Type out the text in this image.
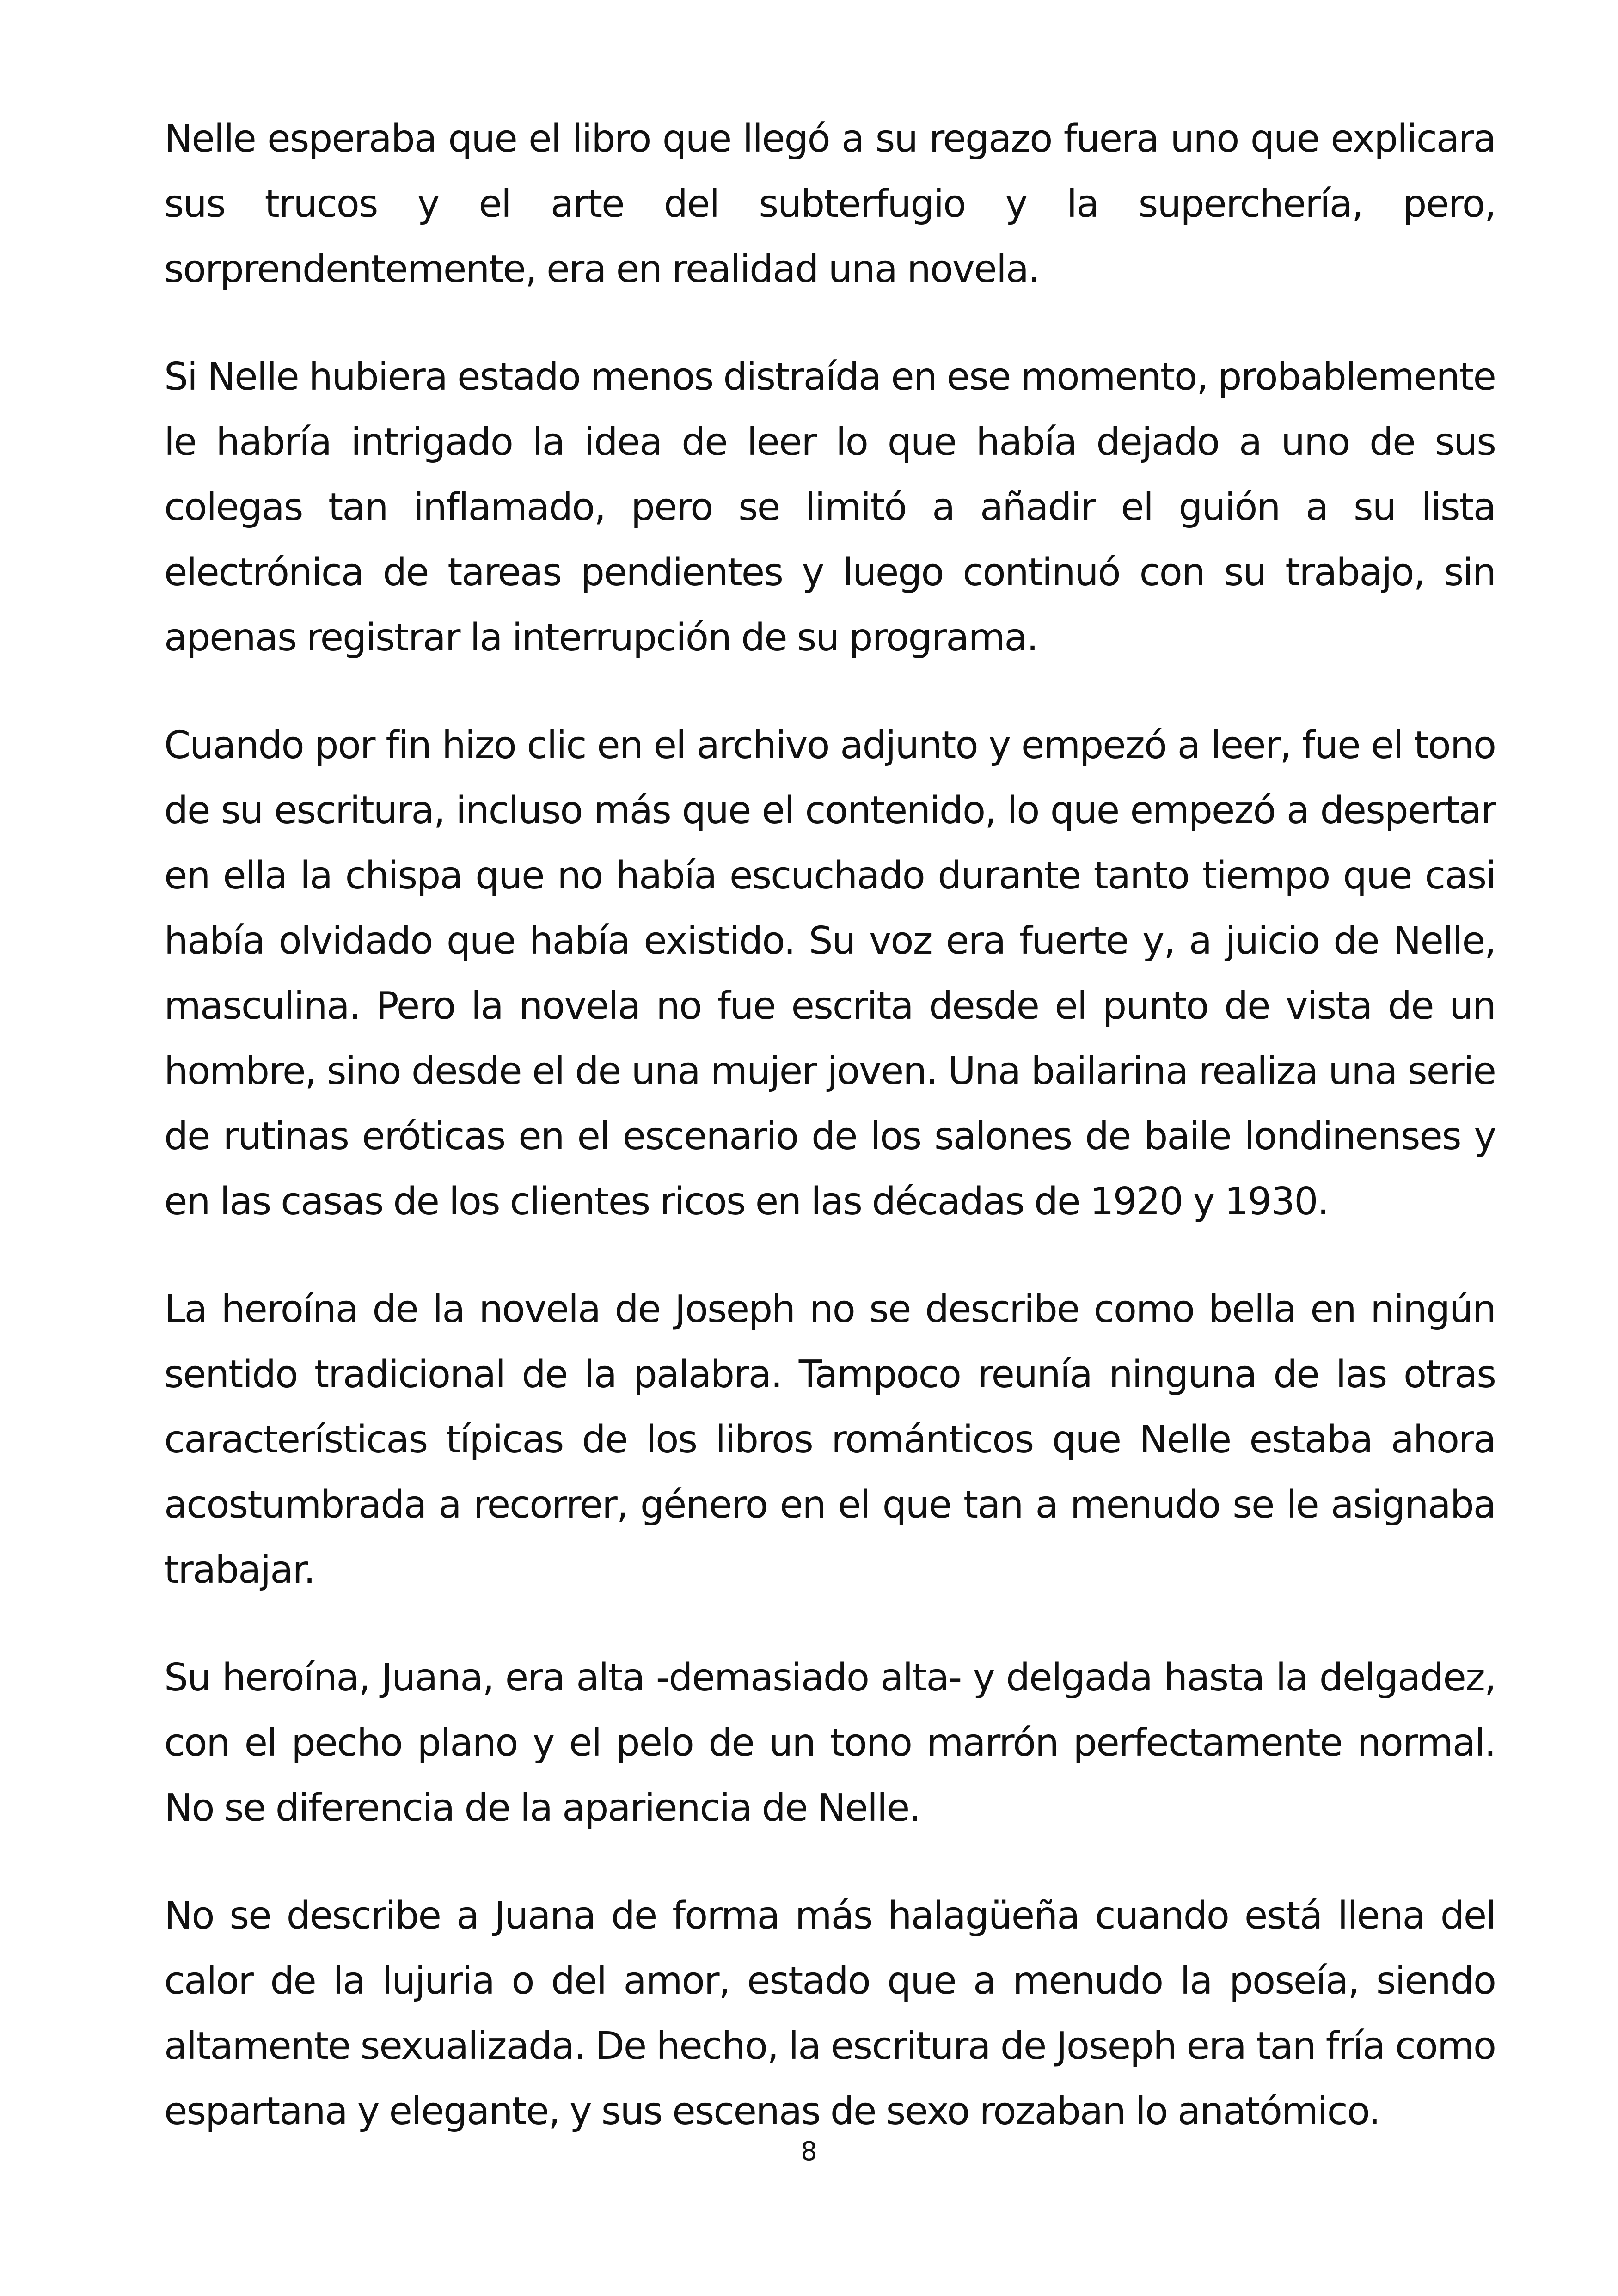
Nelle esperaba que el libro que llegó a su regazo fuera uno que explicara sus trucos y el arte del subterfugio y la superchería, pero, sorprendentemente, era en realidad una novela.

Si Nelle hubiera estado menos distraída en ese momento, probablemente le habría intrigado la idea de leer lo que había dejado a uno de sus colegas tan inflamado, pero se limitó a añadir el guión a su lista electrónica de tareas pendientes y luego continuó con su trabajo, sin apenas registrar la interrupción de su programa.

Cuando por fin hizo clic en el archivo adjunto y empezó a leer, fue el tono de su escritura, incluso más que el contenido, lo que empezó a despertar en ella la chispa que no había escuchado durante tanto tiempo que casi había olvidado que había existido. Su voz era fuerte y, a juicio de Nelle, masculina. Pero la novela no fue escrita desde el punto de vista de un hombre, sino desde el de una mujer joven. Una bailarina realiza una serie de rutinas eróticas en el escenario de los salones de baile londinenses y en las casas de los clientes ricos en las décadas de 1920 y 1930.

La heroína de la novela de Joseph no se describe como bella en ningún sentido tradicional de la palabra. Tampoco reunía ninguna de las otras características típicas de los libros románticos que Nelle estaba ahora acostumbrada a recorrer, género en el que tan a menudo se le asignaba trabajar.

Su heroína, Juana, era alta -demasiado alta- y delgada hasta la delgadez, con el pecho plano y el pelo de un tono marrón perfectamente normal. No se diferencia de la apariencia de Nelle.

No se describe a Juana de forma más halagüeña cuando está llena del calor de la lujuria o del amor, estado que a menudo la poseía, siendo altamente sexualizada. De hecho, la escritura de Joseph era tan fría como espartana y elegante, y sus escenas de sexo rozaban lo anatómico.

8
